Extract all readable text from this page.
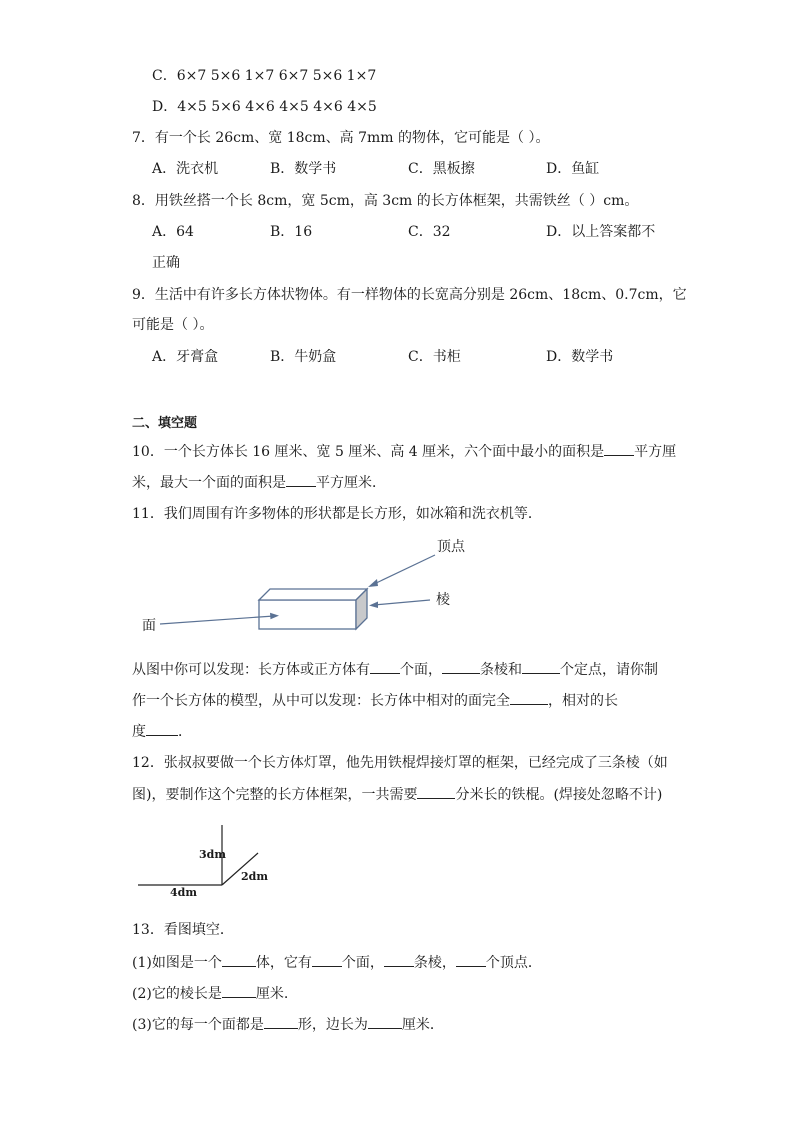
C．6×7 5×6 1×7 6×7 5×6 1×7
D．4×5 5×6 4×6 4×5 4×6 4×5
7．有一个长 26cm、宽 18cm、高 7mm 的物体，它可能是（ ）。
A．洗衣机	B．数学书	C．黑板擦	D．鱼缸
8．用铁丝搭一个长 8cm，宽 5cm，高 3cm 的长方体框架，共需铁丝（ ）cm。
A．64	B．16	C．32	D．以上答案都不
正确
9．生活中有许多长方体状物体。有一样物体的长宽高分别是 26cm、18cm、0.7cm，它
可能是（ ）。
A．牙膏盒	B．牛奶盒	C．书柜	D．数学书
二、填空题
10．一个长方体长 16 厘米、宽 5 厘米、高 4 厘米，六个面中最小的面积是 平方厘
米，最大一个面的面积是 平方厘米．
11．我们周围有许多物体的形状都是长方形，如冰箱和洗衣机等．
顶点
棱
面
从图中你可以发现：长方体或正方体有 个面，	条棱和	个定点，请你制
作一个长方体的模型，从中可以发现：长方体中相对的面完全	，相对的长
度 ．
12．张叔叔要做一个长方体灯罩，他先用铁棍焊接灯罩的框架，已经完成了三条棱（如
图)，要制作这个完整的长方体框架，一共需要	分米长的铁棍。(焊接处忽略不计)
3dm
2dm
4dm
13．看图填空．
(1)如图是一个 体，它有 个面， 条棱， 个顶点．
(2)它的棱长是 厘米.
(3)它的每一个面都是 形，边长为 厘米．
